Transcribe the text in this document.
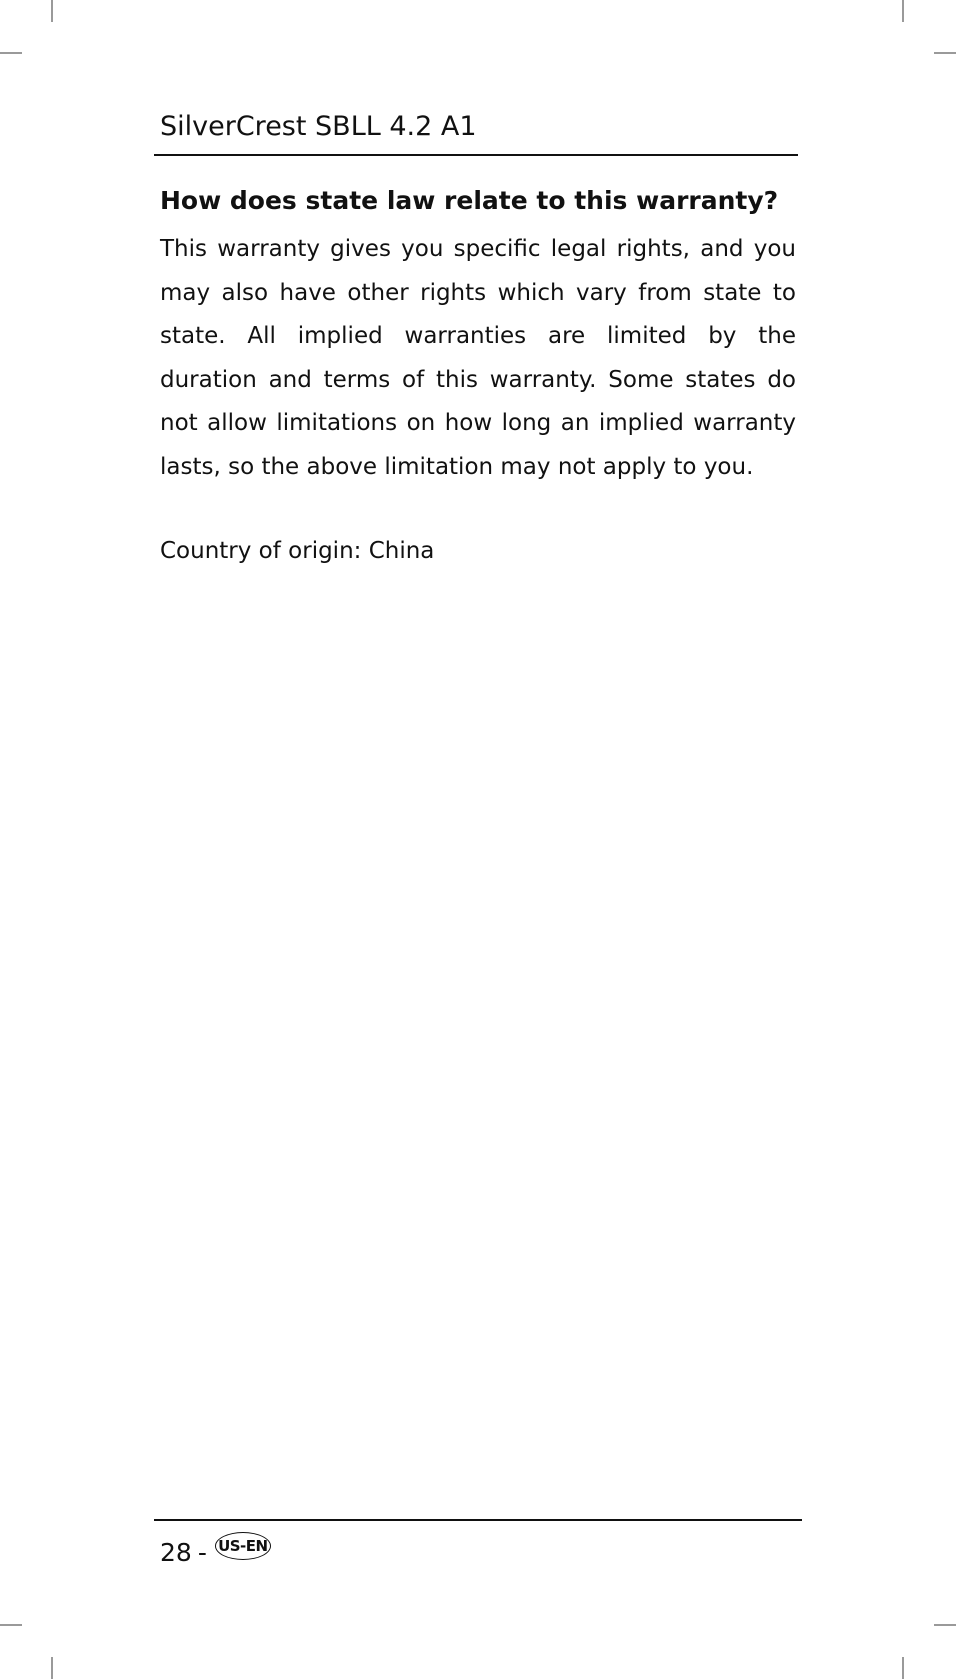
SilverCrest SBLL 4.2 A1
How does state law relate to this warranty?

This warranty gives you specific legal rights, and you may also have other rights which vary from state to state. All implied warranties are limited by the duration and terms of this warranty. Some states do not allow limitations on how long an implied warranty lasts, so the above limitation may not apply to you.

Country of origin: China
28 - US-EN
